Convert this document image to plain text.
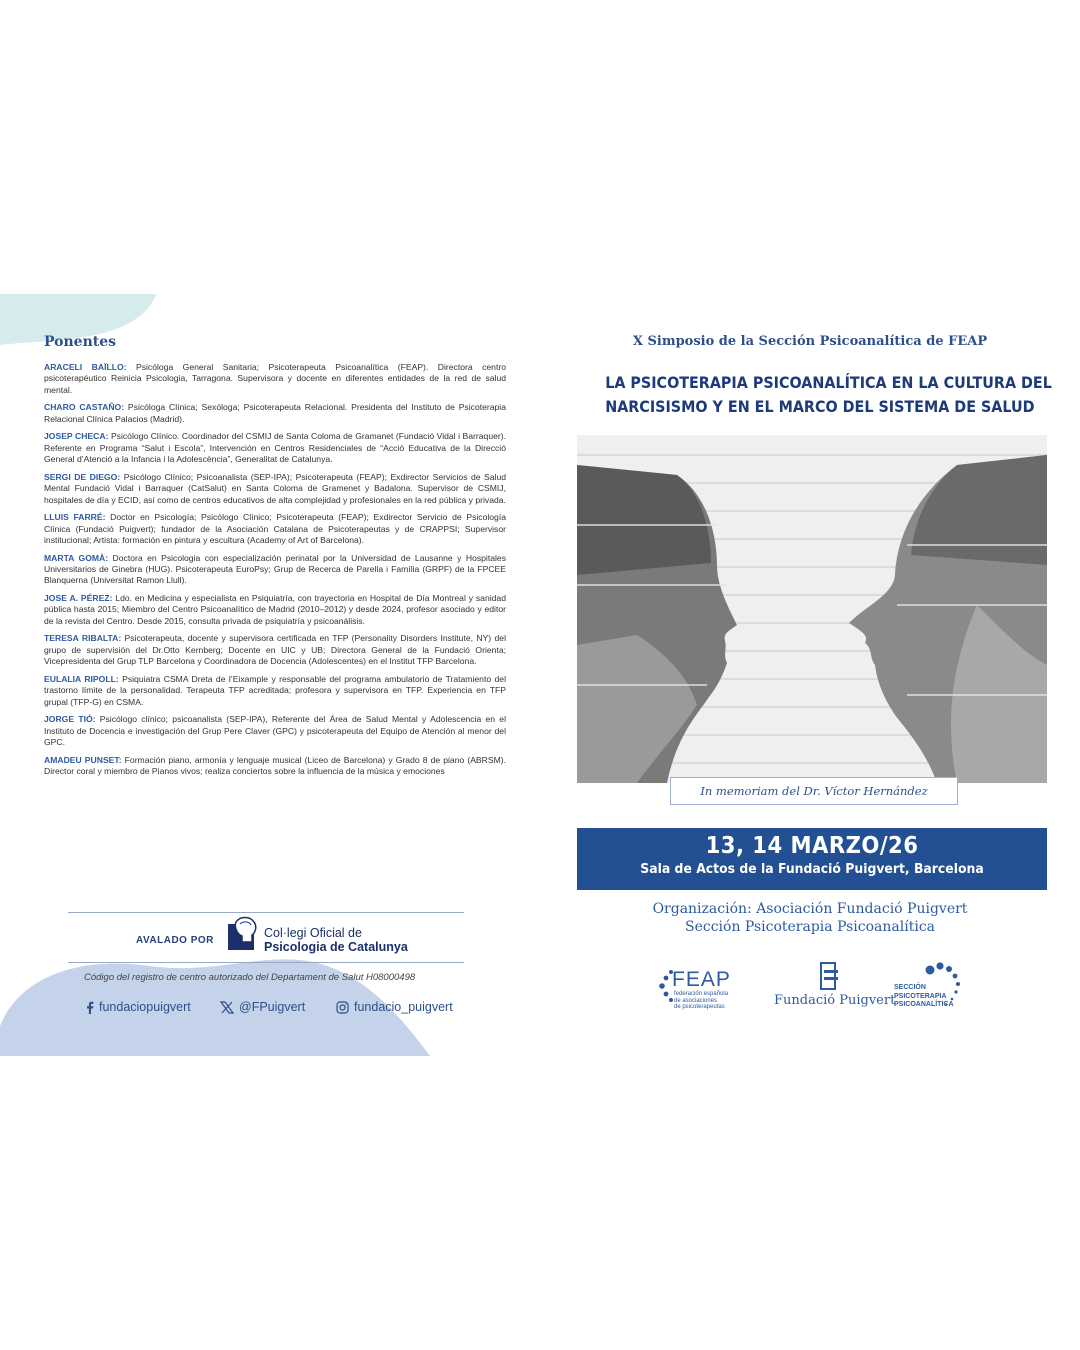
Ponentes

ARACELI BAÏLLO: Psicóloga General Sanitaria; Psicoterapeuta Psicoanalítica (FEAP). Directora centro psicoterapéutico Reinicia Psicologia, Tarragona. Supervisora y docente en diferentes entidades de la red de salud mental.

CHARO CASTAÑO: Psicóloga Clínica; Sexóloga; Psicoterapeuta Relacional. Presidenta del Instituto de Psicoterapia Relacional Clínica Palacios (Madrid).

JOSEP CHECA: Psicólogo Clínico. Coordinador del CSMIJ de Santa Coloma de Gramanet (Fundació Vidal i Barraquer). Referente en Programa “Salut i Escola”, Intervención en Centros Residenciales de “Acció Educativa de la Direcció General d’Atenció a la Infancia i la Adolescència”, Generalitat de Catalunya.

SERGI DE DIEGO: Psicólogo Clínico; Psicoanalista (SEP-IPA); Psicoterapeuta (FEAP); Exdirector Servicios de Salud Mental Fundació Vidal i Barraquer (CatSalut) en Santa Coloma de Gramenet y Badalona. Supervisor de CSMIJ, hospitales de día y ECID, así como de centros educativos de alta complejidad y profesionales en la red pública y privada.

LLUIS FARRÉ: Doctor en Psicología; Psicólogo Clínico; Psicoterapeuta (FEAP); Exdirector Servicio de Psicología Clínica (Fundació Puigvert); fundador de la Asociación Catalana de Psicoterapeutas y de CRAPPSI; Supervisor institucional; Artista: formación en pintura y escultura (Academy of Art of Barcelona).

MARTA GOMÀ: Doctora en Psicologia con especialización perinatal por la Universidad de Lausanne y Hospitales Universitarios de Ginebra (HUG). Psicoterapeuta EuroPsy; Grup de Recerca de Parella i Família (GRPF) de la FPCEE Blanquerna (Universitat Ramon Llull).

JOSE A. PÉREZ: Ldo. en Medicina y especialista en Psiquiatría, con trayectoria en Hospital de Día Montreal y sanidad pública hasta 2015; Miembro del Centro Psicoanalítico de Madrid (2010–2012) y desde 2024, profesor asociado y editor de la revista del Centro. Desde 2015, consulta privada de psiquiatría y psicoanálisis.

TERESA RIBALTA: Psicoterapeuta, docente y supervisora certificada en TFP (Personality Disorders Institute, NY) del grupo de supervisión del Dr.Otto Kernberg; Docente en UIC y UB; Directora General de la Fundació Orienta; Vicepresidenta del Grup TLP Barcelona y Coordinadora de Docencia (Adolescentes) en el Institut TFP Barcelona.

EULALIA RIPOLL: Psiquiatra CSMA Dreta de l’Eixample y responsable del programa ambulatorio de Tratamiento del trastorno límite de la personalidad. Terapeuta TFP acreditada; profesora y supervisora en TFP. Experiencia en TFP grupal (TFP-G) en CSMA.

JORGE TIÓ: Psicólogo clínico; psicoanalista (SEP-IPA), Referente del Área de Salud Mental y Adolescencia en el Instituto de Docencia e investigación del Grup Pere Claver (GPC) y psicoterapeuta del Equipo de Atención al menor del GPC.

AMADEU PUNSET: Formación piano, armonía y lenguaje musical (Liceo de Barcelona) y Grado 8 de piano (ABRSM). Director coral y miembro de Pianos vivos; realiza conciertos sobre la influencia de la música y emociones

AVALADO POR
Col·legi Oficial de
Psicologia de Catalunya
Código del registro de centro autorizado del Departament de Salut H08000498
fundaciopuigvert	@FPuigvert	fundacio_puigvert
X Simposio de la Sección Psicoanalítica de FEAP
LA PSICOTERAPIA PSICOANALÍTICA EN LA CULTURA DEL
NARCISISMO Y EN EL MARCO DEL SISTEMA DE SALUD
In memoriam del Dr. Víctor Hernández
13, 14 MARZO/26
Sala de Actos de la Fundació Puigvert, Barcelona
Organización: Asociación Fundació Puigvert
Sección Psicoterapia Psicoanalítica
FEAP
federación española
de asociaciones
de psicoterapeutas	Fundació Puigvert
SECCIÓN
PSICOTERAPIA
PSICOANALÍTICA
